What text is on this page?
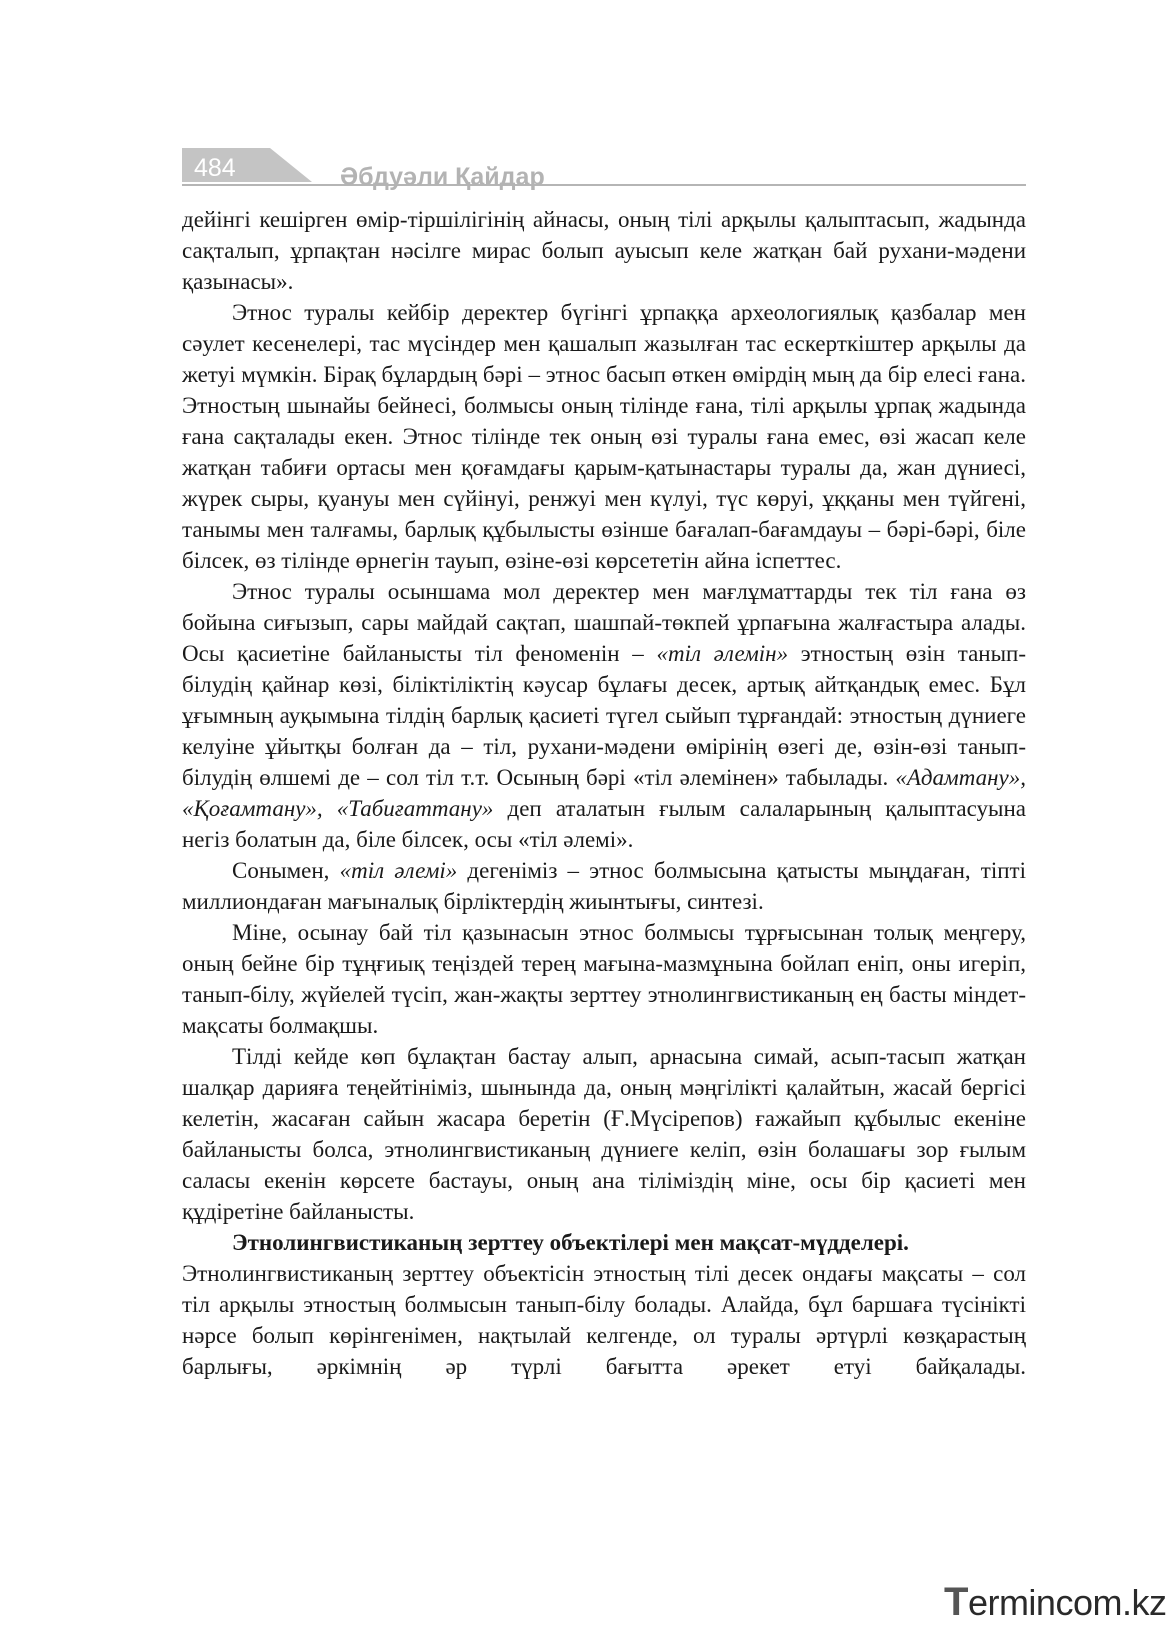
484	Әбдуәли Қайдар

дейінгі кешірген өмір-тіршілігінің айнасы, оның тілі арқылы қалыптасып, жадында сақталып, ұрпақтан нәсілге мирас болып ауысып келе жатқан бай рухани-мәдени қазынасы».

Этнос туралы кейбір деректер бүгінгі ұрпаққа археологиялық қазбалар мен сәулет кесенелері, тас мүсіндер мен қашалып жазылған тас ескерткіштер арқылы да жетуі мүмкін. Бірақ бұлардың бәрі – этнос басып өткен өмірдің мың да бір елесі ғана. Этностың шынайы бейнесі, болмысы оның тілінде ғана, тілі арқылы ұрпақ жадында ғана сақталады екен. Этнос тілінде тек оның өзі туралы ғана емес, өзі жасап келе жатқан табиғи ортасы мен қоғамдағы қарым-қатынастары туралы да, жан дүниесі, жүрек сыры, қуануы мен сүйінуі, ренжуі мен күлуі, түс көруі, ұққаны мен түйгені, танымы мен талғамы, барлық құбылысты өзінше бағалап-бағамдауы – бәрі-бәрі, біле білсек, өз тілінде өрнегін тауып, өзіне-өзі көрсететін айна іспеттес.

Этнос туралы осыншама мол деректер мен мағлұматтарды тек тіл ғана өз бойына сиғызып, сары майдай сақтап, шашпай-төкпей ұрпағына жалғастыра алады. Осы қасиетіне байланысты тіл феноменін – «тіл әлемін» этностың өзін танып-білудің қайнар көзі, біліктіліктің кәусар бұлағы десек, артық айтқандық емес. Бұл ұғымның ауқымына тілдің барлық қасиеті түгел сыйып тұрғандай: этностың дүниеге келуіне ұйытқы болған да – тіл, рухани-мәдени өмірінің өзегі де, өзін-өзі танып-білудің өлшемі де – сол тіл т.т. Осының бәрі «тіл әлемінен» табылады. «Адамтану», «Қоғамтану», «Табиғаттану» деп аталатын ғылым салаларының қалыптасуына негіз болатын да, біле білсек, осы «тіл әлемі».

Сонымен, «тіл әлемі» дегеніміз – этнос болмысына қатысты мыңдаған, тіпті миллиондаған мағыналық бірліктердің жиынтығы, синтезі.

Міне, осынау бай тіл қазынасын этнос болмысы тұрғысынан толық меңгеру, оның бейне бір тұңғиық теңіздей терең мағына-мазмұнына бойлап еніп, оны игеріп, танып-білу, жүйелей түсіп, жан-жақты зерттеу этнолингвистиканың ең басты міндет-мақсаты болмақшы.

Тілді кейде көп бұлақтан бастау алып, арнасына симай, асып-тасып жатқан шалқар дарияға теңейтініміз, шынында да, оның мәңгілікті қалайтын, жасай бергісі келетін, жасаған сайын жасара беретін (Ғ.Мүсірепов) ғажайып құбылыс екеніне байланысты болса, этнолингвистиканың дүниеге келіп, өзін болашағы зор ғылым саласы екенін көрсете бастауы, оның ана тіліміздің міне, осы бір қасиеті мен құдіретіне байланысты.

Этнолингвистиканың зерттеу объектілері мен мақсат-мүдделері.

Этнолингвистиканың зерттеу объектісін этностың тілі десек ондағы мақсаты – сол тіл арқылы этностың болмысын танып-білу болады. Алайда, бұл баршаға түсінікті нәрсе болып көрінгенімен, нақтылай келгенде, ол туралы әртүрлі көзқарастың барлығы, әркімнің әр түрлі бағытта әрекет етуі байқалады.

Termincom.kz
